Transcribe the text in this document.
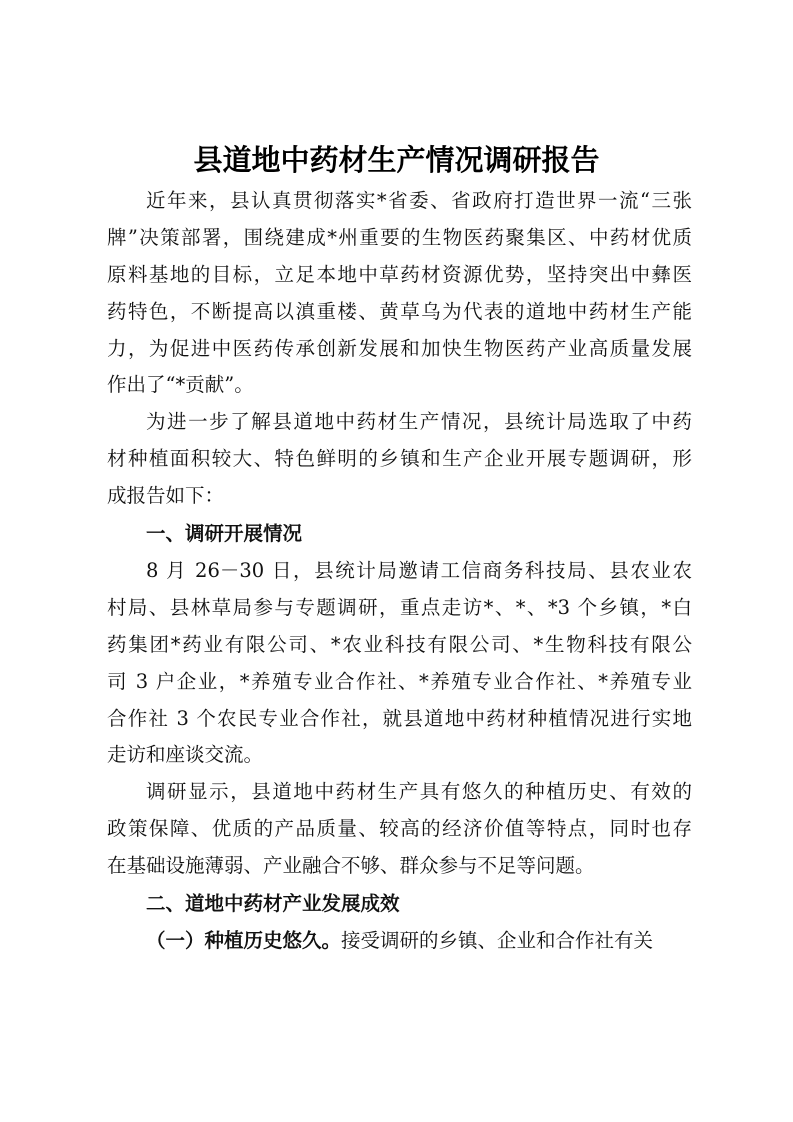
县道地中药材生产情况调研报告
近年来，县认真贯彻落实*省委、省政府打造世界一流“三张
牌”决策部署，围绕建成*州重要的生物医药聚集区、中药材优质
原料基地的目标，立足本地中草药材资源优势，坚持突出中彝医
药特色，不断提高以滇重楼、黄草乌为代表的道地中药材生产能
力，为促进中医药传承创新发展和加快生物医药产业高质量发展
作出了“*贡献”。
为进一步了解县道地中药材生产情况，县统计局选取了中药
材种植面积较大、特色鲜明的乡镇和生产企业开展专题调研，形
成报告如下：
一、调研开展情况
8 月 26－30 日，县统计局邀请工信商务科技局、县农业农
村局、县林草局参与专题调研，重点走访*、*、*3 个乡镇，*白
药集团*药业有限公司、*农业科技有限公司、*生物科技有限公
司 3 户企业，*养殖专业合作社、*养殖专业合作社、*养殖专业
合作社 3 个农民专业合作社，就县道地中药材种植情况进行实地
走访和座谈交流。
调研显示，县道地中药材生产具有悠久的种植历史、有效的
政策保障、优质的产品质量、较高的经济价值等特点，同时也存
在基础设施薄弱、产业融合不够、群众参与不足等问题。
二、道地中药材产业发展成效
（一）种植历史悠久。接受调研的乡镇、企业和合作社有关
